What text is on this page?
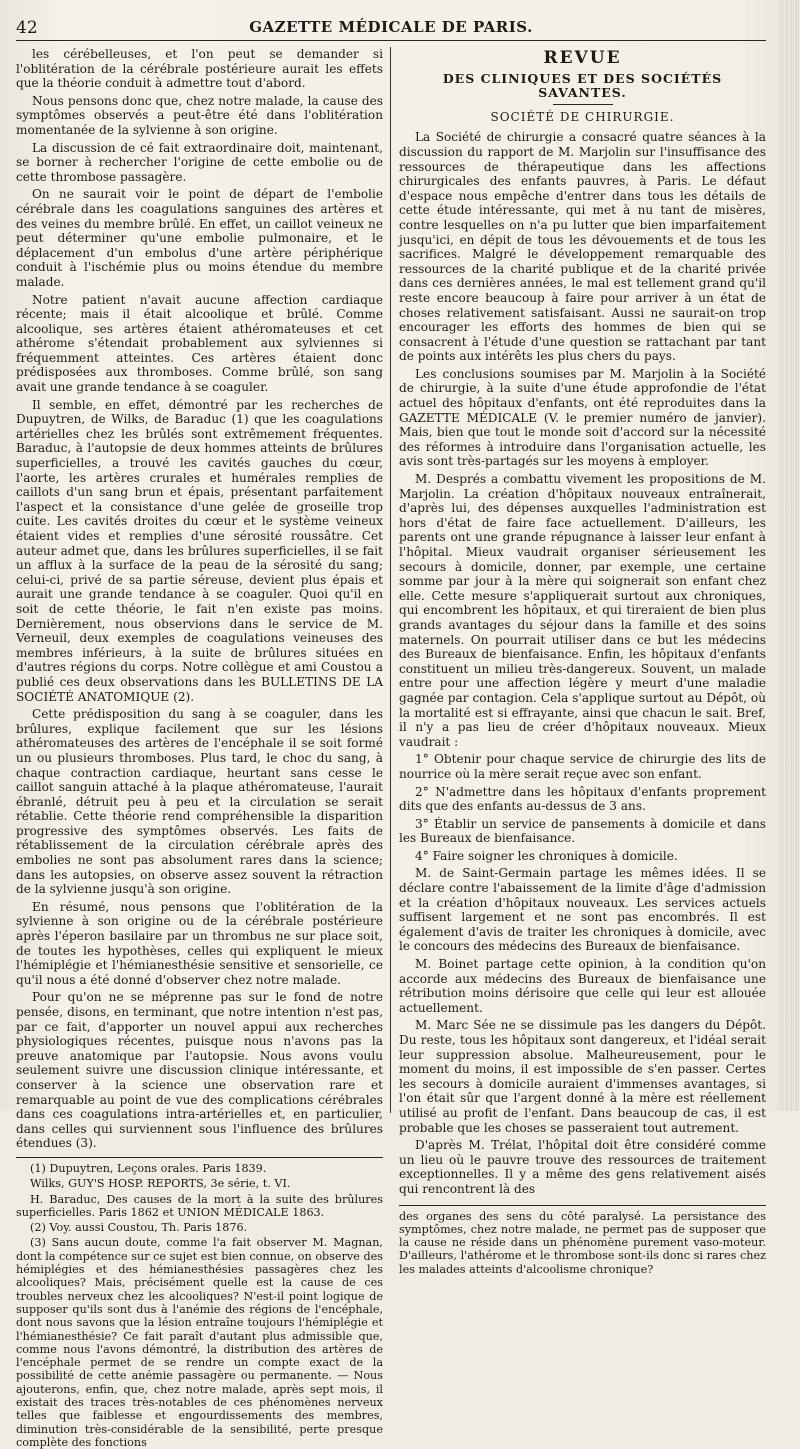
42	GAZETTE MÉDICALE DE PARIS.

les cérébelleuses, et l'on peut se demander si l'oblitération de la cérébrale postérieure aurait les effets que la théorie conduit à admettre tout d'abord.

Nous pensons donc que, chez notre malade, la cause des symptômes observés a peut-être été dans l'oblitération momentanée de la sylvienne à son origine.

La discussion de cé fait extraordinaire doit, maintenant, se borner à rechercher l'origine de cette embolie ou de cette thrombose passagère.

On ne saurait voir le point de départ de l'embolie cérébrale dans les coagulations sanguines des artères et des veines du membre brûlé. En effet, un caillot veineux ne peut déterminer qu'une embolie pulmonaire, et le déplacement d'un embolus d'une artère périphérique conduit à l'ischémie plus ou moins étendue du membre malade.

Notre patient n'avait aucune affection cardiaque récente; mais il était alcoolique et brûlé. Comme alcoolique, ses artères étaient athéromateuses et cet athérome s'étendait probablement aux sylviennes si fréquemment atteintes. Ces artères étaient donc prédisposées aux thromboses. Comme brûlé, son sang avait une grande tendance à se coaguler.

Il semble, en effet, démontré par les recherches de Dupuytren, de Wilks, de Baraduc (1) que les coagulations artérielles chez les brûlés sont extrêmement fréquentes. Baraduc, à l'autopsie de deux hommes atteints de brûlures superficielles, a trouvé les cavités gauches du cœur, l'aorte, les artères crurales et humérales remplies de caillots d'un sang brun et épais, présentant parfaitement l'aspect et la consistance d'une gelée de groseille trop cuite. Les cavités droites du cœur et le système veineux étaient vides et remplies d'une sérosité roussâtre. Cet auteur admet que, dans les brûlures superficielles, il se fait un afflux à la surface de la peau de la sérosité du sang; celui-ci, privé de sa partie séreuse, devient plus épais et aurait une grande tendance à se coaguler. Quoi qu'il en soit de cette théorie, le fait n'en existe pas moins. Dernièrement, nous observions dans le service de M. Verneuil, deux exemples de coagulations veineuses des membres inférieurs, à la suite de brûlures situées en d'autres régions du corps. Notre collègue et ami Coustou a publié ces deux observations dans les BULLETINS DE LA SOCIÉTÉ ANATOMIQUE (2).

Cette prédisposition du sang à se coaguler, dans les brûlures, explique facilement que sur les lésions athéromateuses des artères de l'encéphale il se soit formé un ou plusieurs thromboses. Plus tard, le choc du sang, à chaque contraction cardiaque, heurtant sans cesse le caillot sanguin attaché à la plaque athéromateuse, l'aurait ébranlé, détruit peu à peu et la circulation se serait rétablie. Cette théorie rend compréhensible la disparition progressive des symptômes observés. Les faits de rétablissement de la circulation cérébrale après des embolies ne sont pas absolument rares dans la science; dans les autopsies, on observe assez souvent la rétraction de la sylvienne jusqu'à son origine.

En résumé, nous pensons que l'oblitération de la sylvienne à son origine ou de la cérébrale postérieure après l'éperon basilaire par un thrombus ne sur place soit, de toutes les hypothèses, celles qui expliquent le mieux l'hémiplégie et l'hémianesthésie sensitive et sensorielle, ce qu'il nous a été donné d'observer chez notre malade.

Pour qu'on ne se méprenne pas sur le fond de notre pensée, disons, en terminant, que notre intention n'est pas, par ce fait, d'apporter un nouvel appui aux recherches physiologiques récentes, puisque nous n'avons pas la preuve anatomique par l'autopsie. Nous avons voulu seulement suivre une discussion clinique intéressante, et conserver à la science une observation rare et remarquable au point de vue des complications cérébrales dans ces coagulations intra-artérielles et, en particulier, dans celles qui surviennent sous l'influence des brûlures étendues (3).

(1) Dupuytren, Leçons orales. Paris 1839.

Wilks, GUY'S HOSP. REPORTS, 3e série, t. VI.

H. Baraduc, Des causes de la mort à la suite des brûlures superficielles. Paris 1862 et UNION MÉDICALE 1863.

(2) Voy. aussi Coustou, Th. Paris 1876.

(3) Sans aucun doute, comme l'a fait observer M. Magnan, dont la compétence sur ce sujet est bien connue, on observe des hémiplégies et des hémianesthésies passagères chez les alcooliques? Mais, précisément quelle est la cause de ces troubles nerveux chez les alcooliques? N'est-il point logique de supposer qu'ils sont dus à l'anémie des régions de l'encéphale, dont nous savons que la lésion entraîne toujours l'hémiplégie et l'hémianesthésie? Ce fait paraît d'autant plus admissible que, comme nous l'avons démontré, la distribution des artères de l'encéphale permet de se rendre un compte exact de la possibilité de cette anémie passagère ou permanente. — Nous ajouterons, enfin, que, chez notre malade, après sept mois, il existait des traces très-notables de ces phénomènes nerveux telles que faiblesse et engourdissements des membres, diminution très-considérable de la sensibilité, perte presque complète des fonctions

REVUE
DES CLINIQUES ET DES SOCIÉTÉS SAVANTES.
SOCIÉTÉ DE CHIRURGIE.

La Société de chirurgie a consacré quatre séances à la discussion du rapport de M. Marjolin sur l'insuffisance des ressources de thérapeutique dans les affections chirurgicales des enfants pauvres, à Paris. Le défaut d'espace nous empêche d'entrer dans tous les détails de cette étude intéressante, qui met à nu tant de misères, contre lesquelles on n'a pu lutter que bien imparfaitement jusqu'ici, en dépit de tous les dévouements et de tous les sacrifices. Malgré le développement remarquable des ressources de la charité publique et de la charité privée dans ces dernières années, le mal est tellement grand qu'il reste encore beaucoup à faire pour arriver à un état de choses relativement satisfaisant. Aussi ne saurait-on trop encourager les efforts des hommes de bien qui se consacrent à l'étude d'une question se rattachant par tant de points aux intérêts les plus chers du pays.

Les conclusions soumises par M. Marjolin à la Société de chirurgie, à la suite d'une étude approfondie de l'état actuel des hôpitaux d'enfants, ont été reproduites dans la GAZETTE MÉDICALE (V. le premier numéro de janvier). Mais, bien que tout le monde soit d'accord sur la nécessité des réformes à introduire dans l'organisation actuelle, les avis sont très-partagés sur les moyens à employer.

M. Després a combattu vivement les propositions de M. Marjolin. La création d'hôpitaux nouveaux entraînerait, d'après lui, des dépenses auxquelles l'administration est hors d'état de faire face actuellement. D'ailleurs, les parents ont une grande répugnance à laisser leur enfant à l'hôpital. Mieux vaudrait organiser sérieusement les secours à domicile, donner, par exemple, une certaine somme par jour à la mère qui soignerait son enfant chez elle. Cette mesure s'appliquerait surtout aux chroniques, qui encombrent les hôpitaux, et qui tireraient de bien plus grands avantages du séjour dans la famille et des soins maternels. On pourrait utiliser dans ce but les médecins des Bureaux de bienfaisance. Enfin, les hôpitaux d'enfants constituent un milieu très-dangereux. Souvent, un malade entre pour une affection légère y meurt d'une maladie gagnée par contagion. Cela s'applique surtout au Dépôt, où la mortalité est si effrayante, ainsi que chacun le sait. Bref, il n'y a pas lieu de créer d'hôpitaux nouveaux. Mieux vaudrait :

1° Obtenir pour chaque service de chirurgie des lits de nourrice où la mère serait reçue avec son enfant.

2° N'admettre dans les hôpitaux d'enfants proprement dits que des enfants au-dessus de 3 ans.

3° Établir un service de pansements à domicile et dans les Bureaux de bienfaisance.

4° Faire soigner les chroniques à domicile.

M. de Saint-Germain partage les mêmes idées. Il se déclare contre l'abaissement de la limite d'âge d'admission et la création d'hôpitaux nouveaux. Les services actuels suffisent largement et ne sont pas encombrés. Il est également d'avis de traiter les chroniques à domicile, avec le concours des médecins des Bureaux de bienfaisance.

M. Boinet partage cette opinion, à la condition qu'on accorde aux médecins des Bureaux de bienfaisance une rétribution moins dérisoire que celle qui leur est allouée actuellement.

M. Marc Sée ne se dissimule pas les dangers du Dépôt. Du reste, tous les hôpitaux sont dangereux, et l'idéal serait leur suppression absolue. Malheureusement, pour le moment du moins, il est impossible de s'en passer. Certes les secours à domicile auraient d'immenses avantages, si l'on était sûr que l'argent donné à la mère est réellement utilisé au profit de l'enfant. Dans beaucoup de cas, il est probable que les choses se passeraient tout autrement.

D'après M. Trélat, l'hôpital doit être considéré comme un lieu où le pauvre trouve des ressources de traitement exceptionnelles. Il y a même des gens relativement aisés qui rencontrent là des

des organes des sens du côté paralysé. La persistance des symptômes, chez notre malade, ne permet pas de supposer que la cause ne réside dans un phénomène purement vaso-moteur. D'ailleurs, l'athérome et le thrombose sont-ils donc si rares chez les malades atteints d'alcoolisme chronique?
